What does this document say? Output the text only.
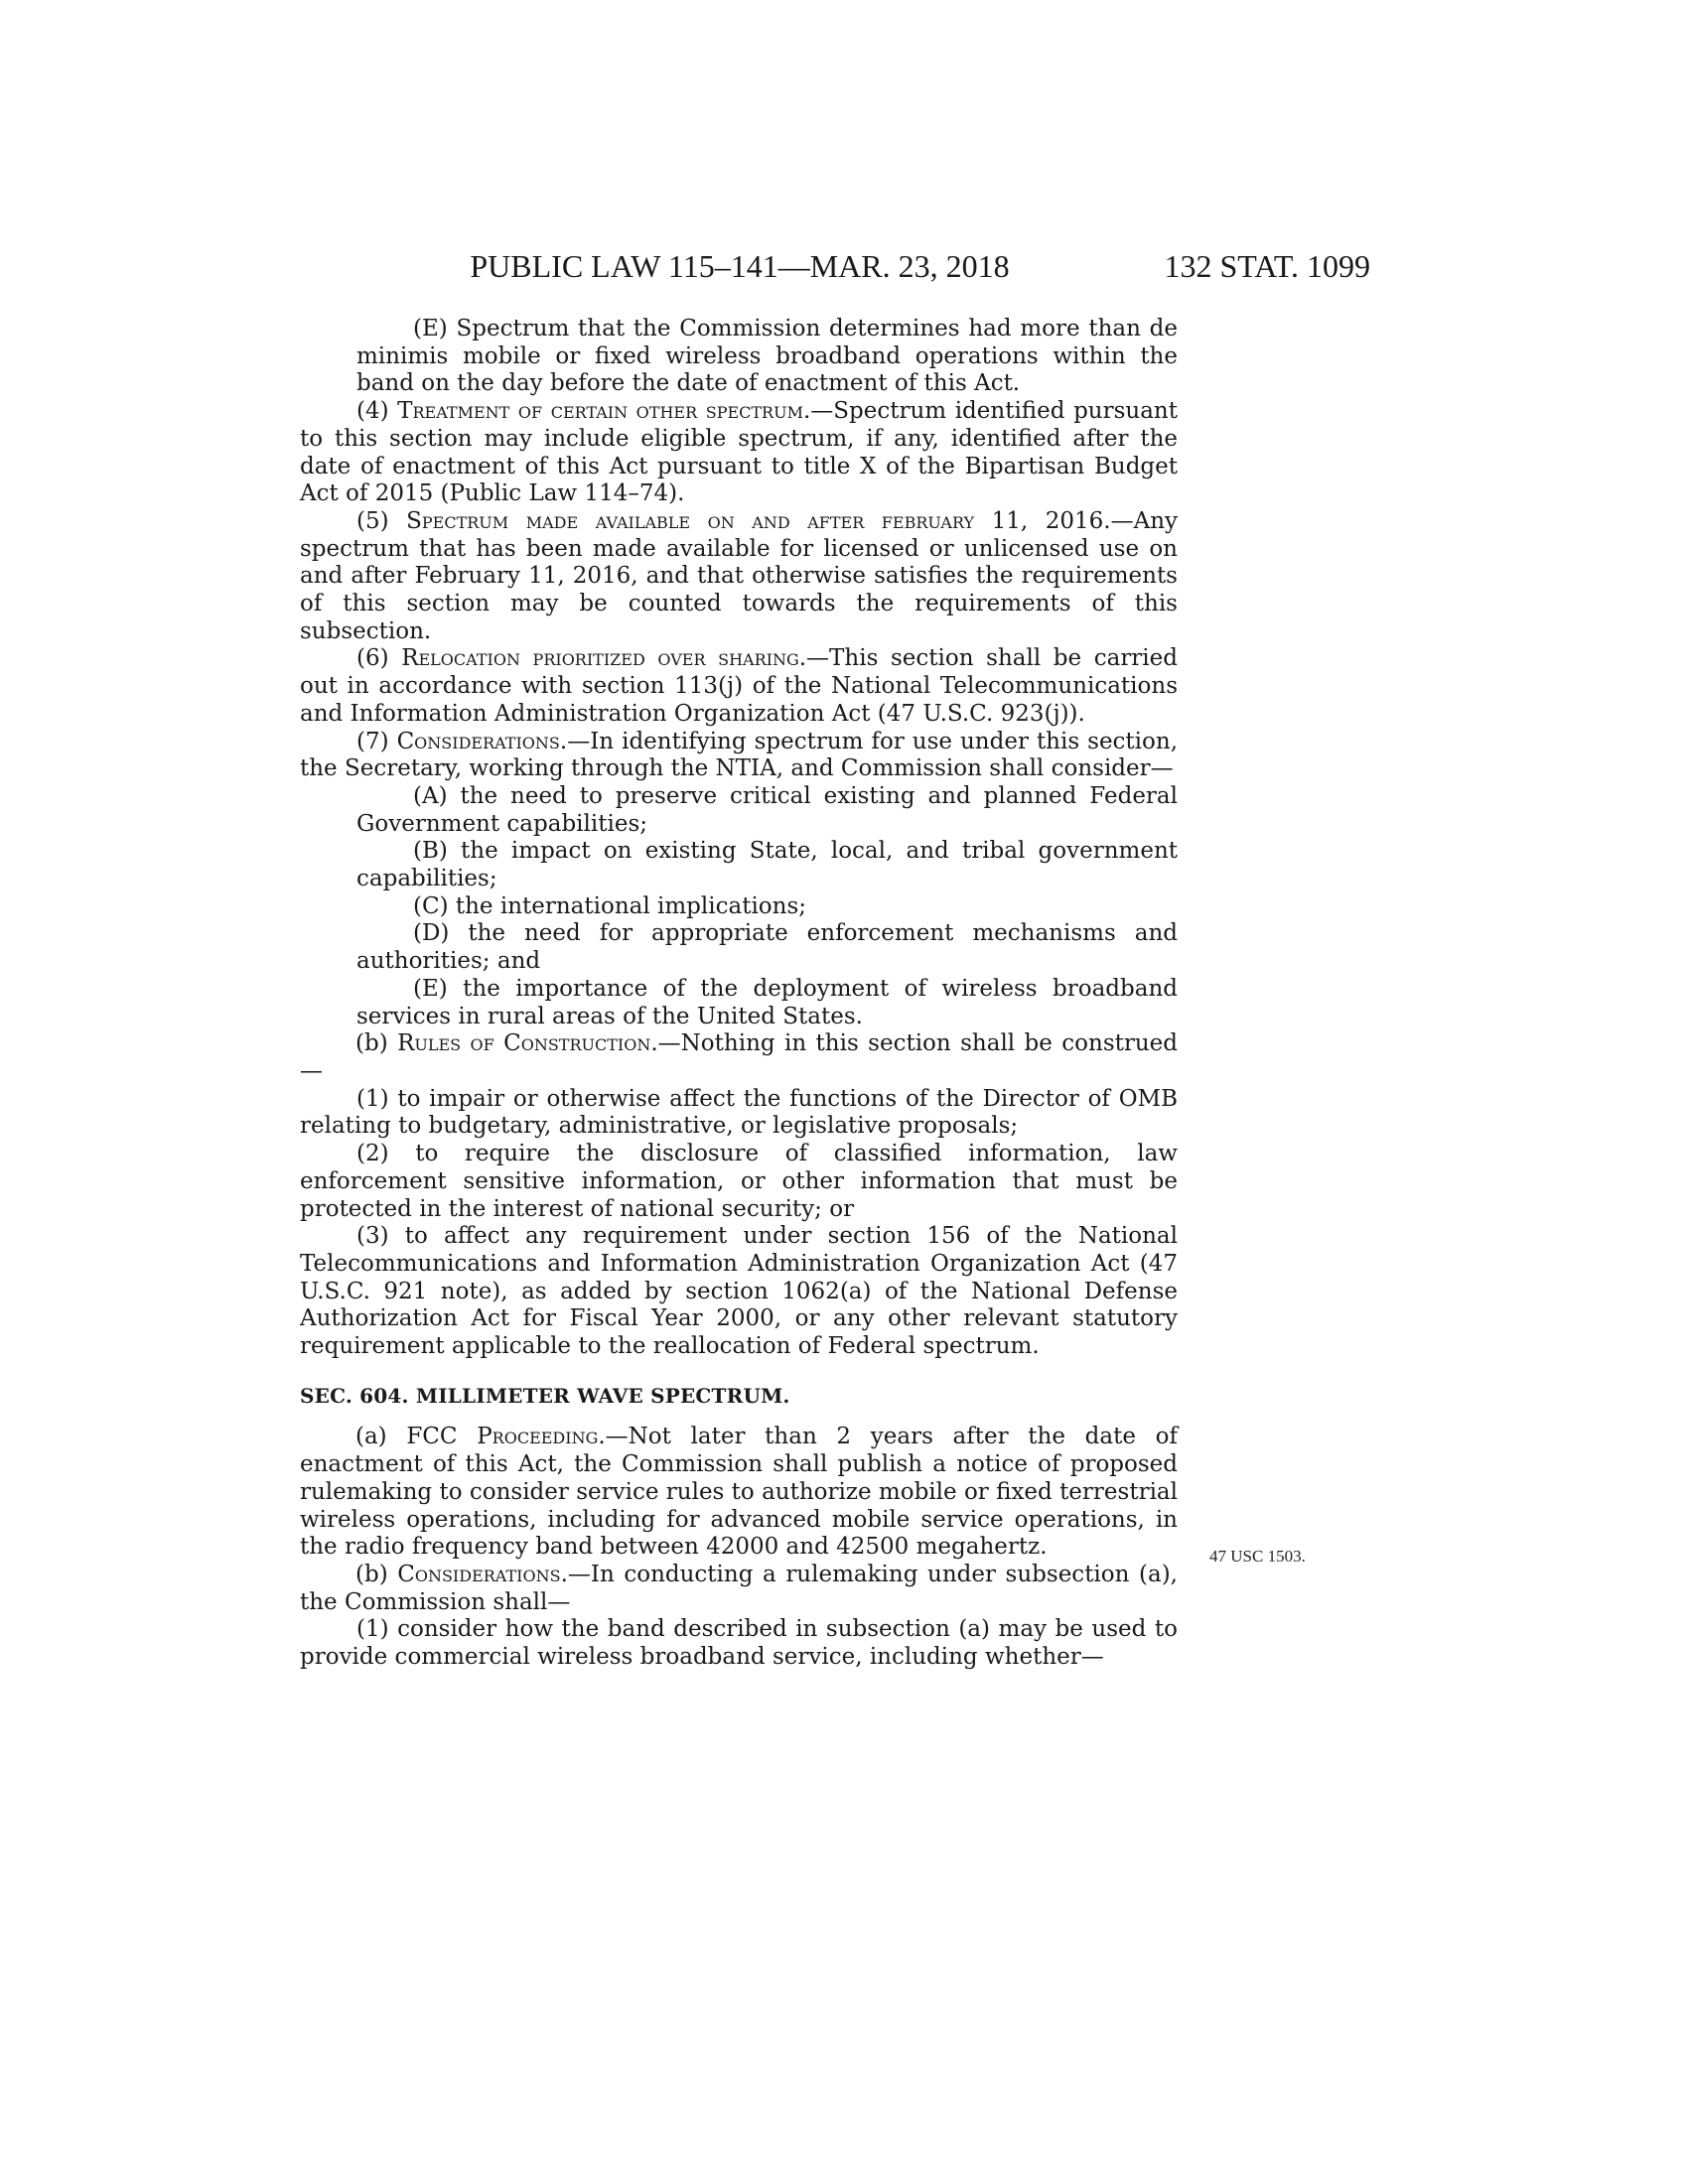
PUBLIC LAW 115–141—MAR. 23, 2018	132 STAT. 1099

(E) Spectrum that the Commission determines had more than de minimis mobile or fixed wireless broadband operations within the band on the day before the date of enactment of this Act.

(4) Treatment of certain other spectrum.—Spectrum identified pursuant to this section may include eligible spectrum, if any, identified after the date of enactment of this Act pursuant to title X of the Bipartisan Budget Act of 2015 (Public Law 114–74).

(5) Spectrum made available on and after february 11, 2016.—Any spectrum that has been made available for licensed or unlicensed use on and after February 11, 2016, and that otherwise satisfies the requirements of this section may be counted towards the requirements of this subsection.

(6) Relocation prioritized over sharing.—This section shall be carried out in accordance with section 113(j) of the National Telecommunications and Information Administration Organization Act (47 U.S.C. 923(j)).

(7) Considerations.—In identifying spectrum for use under this section, the Secretary, working through the NTIA, and Commission shall consider—

(A) the need to preserve critical existing and planned Federal Government capabilities;

(B) the impact on existing State, local, and tribal government capabilities;

(C) the international implications;

(D) the need for appropriate enforcement mechanisms and authorities; and

(E) the importance of the deployment of wireless broadband services in rural areas of the United States.

(b) Rules of Construction.—Nothing in this section shall be construed—

(1) to impair or otherwise affect the functions of the Director of OMB relating to budgetary, administrative, or legislative proposals;

(2) to require the disclosure of classified information, law enforcement sensitive information, or other information that must be protected in the interest of national security; or

(3) to affect any requirement under section 156 of the National Telecommunications and Information Administration Organization Act (47 U.S.C. 921 note), as added by section 1062(a) of the National Defense Authorization Act for Fiscal Year 2000, or any other relevant statutory requirement applicable to the reallocation of Federal spectrum.

SEC. 604. MILLIMETER WAVE SPECTRUM.

(a) FCC Proceeding.—Not later than 2 years after the date of enactment of this Act, the Commission shall publish a notice of proposed rulemaking to consider service rules to authorize mobile or fixed terrestrial wireless operations, including for advanced mobile service operations, in the radio frequency band between 42000 and 42500 megahertz.

(b) Considerations.—In conducting a rulemaking under subsection (a), the Commission shall—

(1) consider how the band described in subsection (a) may be used to provide commercial wireless broadband service, including whether—

47 USC 1503.
